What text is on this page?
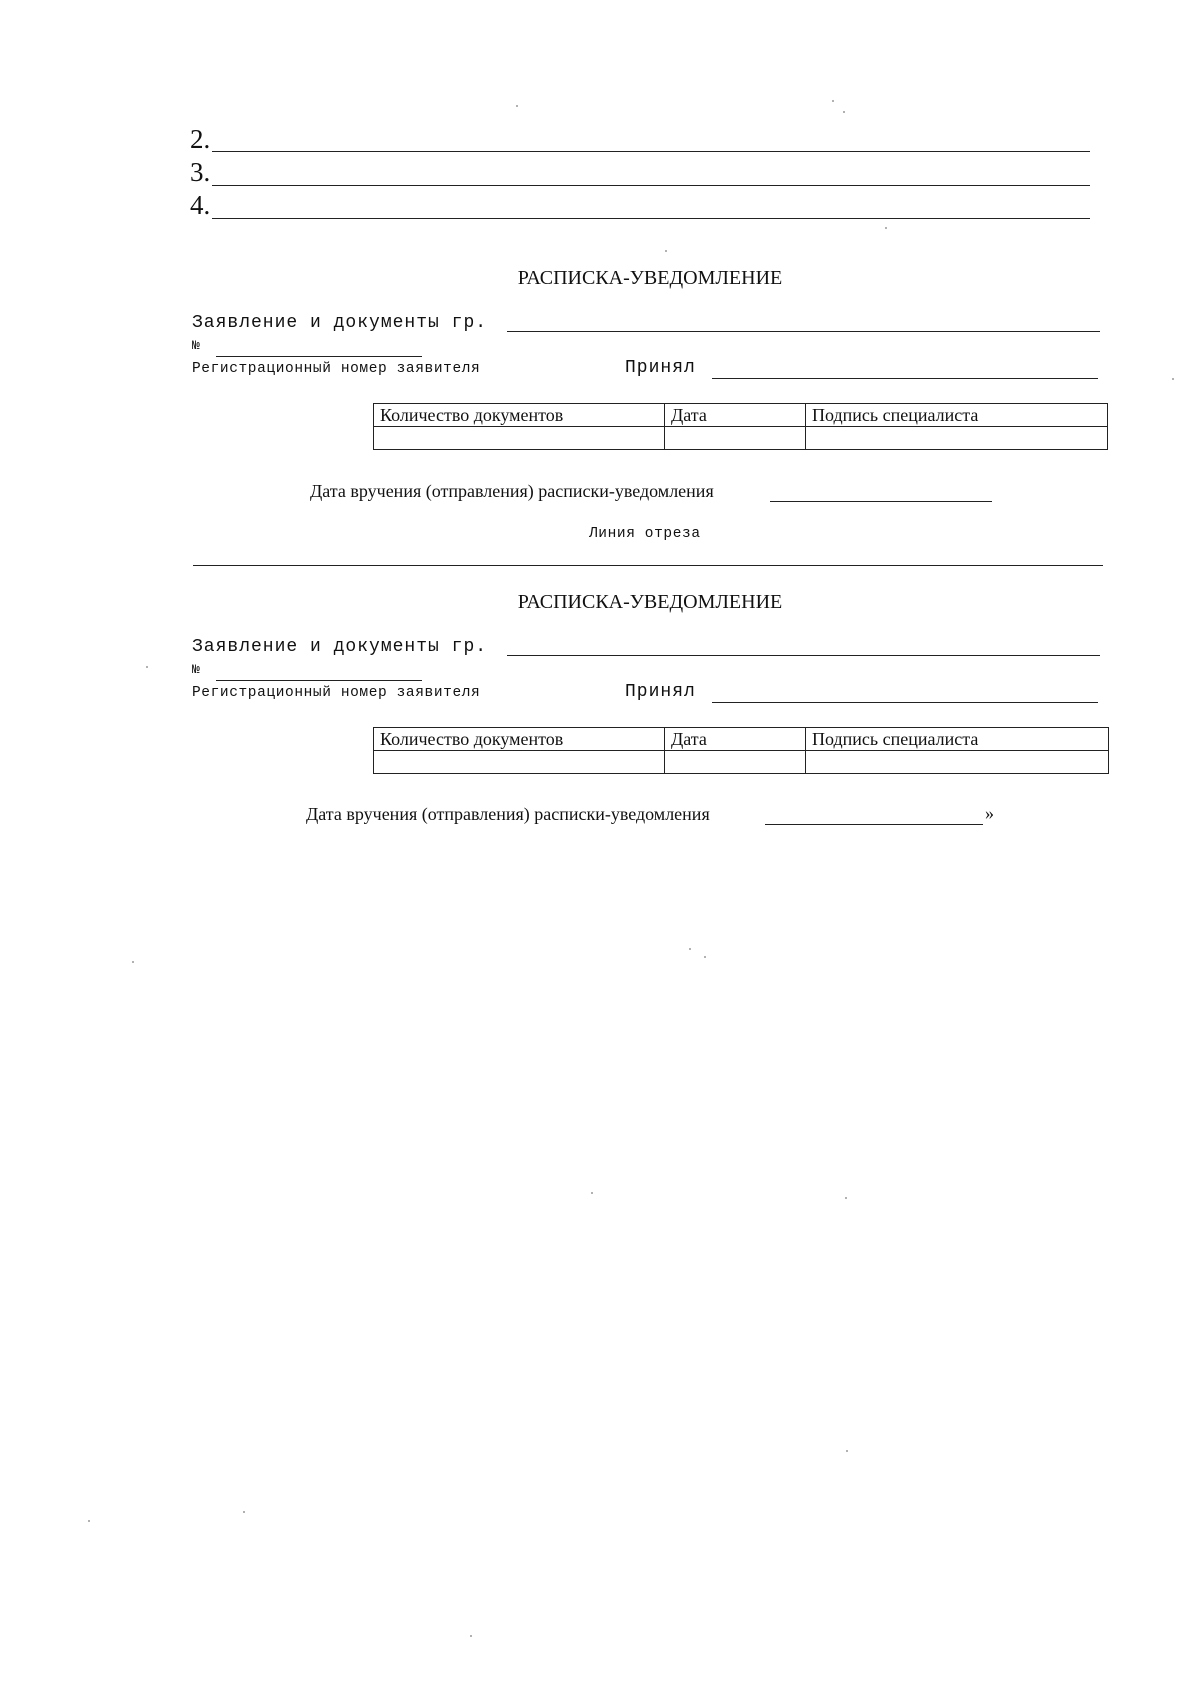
2.
3.
4.
РАСПИСКА-УВЕДОМЛЕНИЕ
Заявление и документы гр.
№
Регистрационный номер заявителя	Принял
Количество документов	Дата	Подпись специалиста

Дата вручения (отправления) расписки-уведомления
Линия отреза
РАСПИСКА-УВЕДОМЛЕНИЕ
Заявление и документы гр.
№
Регистрационный номер заявителя	Принял
Количество документов	Дата	Подпись специалиста

Дата вручения (отправления) расписки-уведомления	»
